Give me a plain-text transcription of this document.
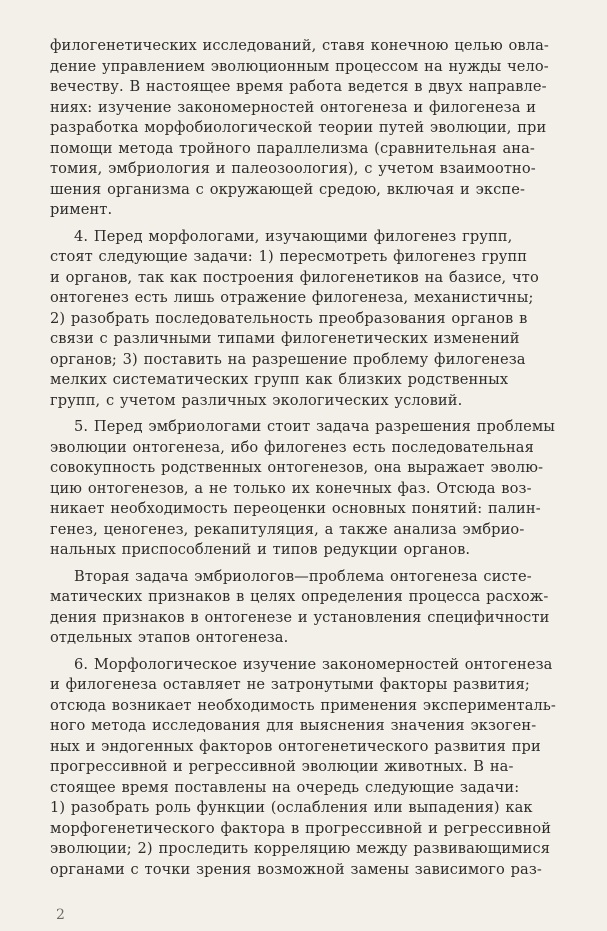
филогенетических исследований, ставя конечною целью овла-
дение управлением эволюционным процессом на нужды чело-
вечеству. В настоящее время работа ведется в двух направле-
ниях: изучение закономерностей онтогенеза и филогенеза и
разработка морфобиологической теории путей эволюции, при
помощи метода тройного параллелизма (сравнительная ана-
томия, эмбриология и палеозоология), с учетом взаимоотно-
шения организма с окружающей средою, включая и экспе-
римент.

4. Перед морфологами, изучающими филогенез групп,
стоят следующие задачи: 1) пересмотреть филогенез групп
и органов, так как построения филогенетиков на базисе, что
онтогенез есть лишь отражение филогенеза, механистичны;
2) разобрать последовательность преобразования органов в
связи с различными типами филогенетических изменений
органов; 3) поставить на разрешение проблему филогенеза
мелких систематических групп как близких родственных
групп, с учетом различных экологических условий.

5. Перед эмбриологами стоит задача разрешения проблемы
эволюции онтогенеза, ибо филогенез есть последовательная
совокупность родственных онтогенезов, она выражает эволю-
цию онтогенезов, а не только их конечных фаз. Отсюда воз-
никает необходимость переоценки основных понятий: палин-
генез, ценогенез, рекапитуляция, а также анализа эмбрио-
нальных приспособлений и типов редукции органов.

Вторая задача эмбриологов—проблема онтогенеза систе-
матических признаков в целях определения процесса расхож-
дения признаков в онтогенезе и установления специфичности
отдельных этапов онтогенеза.

6. Морфологическое изучение закономерностей онтогенеза
и филогенеза оставляет не затронутыми факторы развития;
отсюда возникает необходимость применения эксперименталь-
ного метода исследования для выяснения значения экзоген-
ных и эндогенных факторов онтогенетического развития при
прогрессивной и регрессивной эволюции животных. В на-
стоящее время поставлены на очередь следующие задачи:
1) разобрать роль функции (ослабления или выпадения) как
морфогенетического фактора в прогрессивной и регрессивной
эволюции; 2) проследить корреляцию между развивающимися
органами с точки зрения возможной замены зависимого раз-

2
